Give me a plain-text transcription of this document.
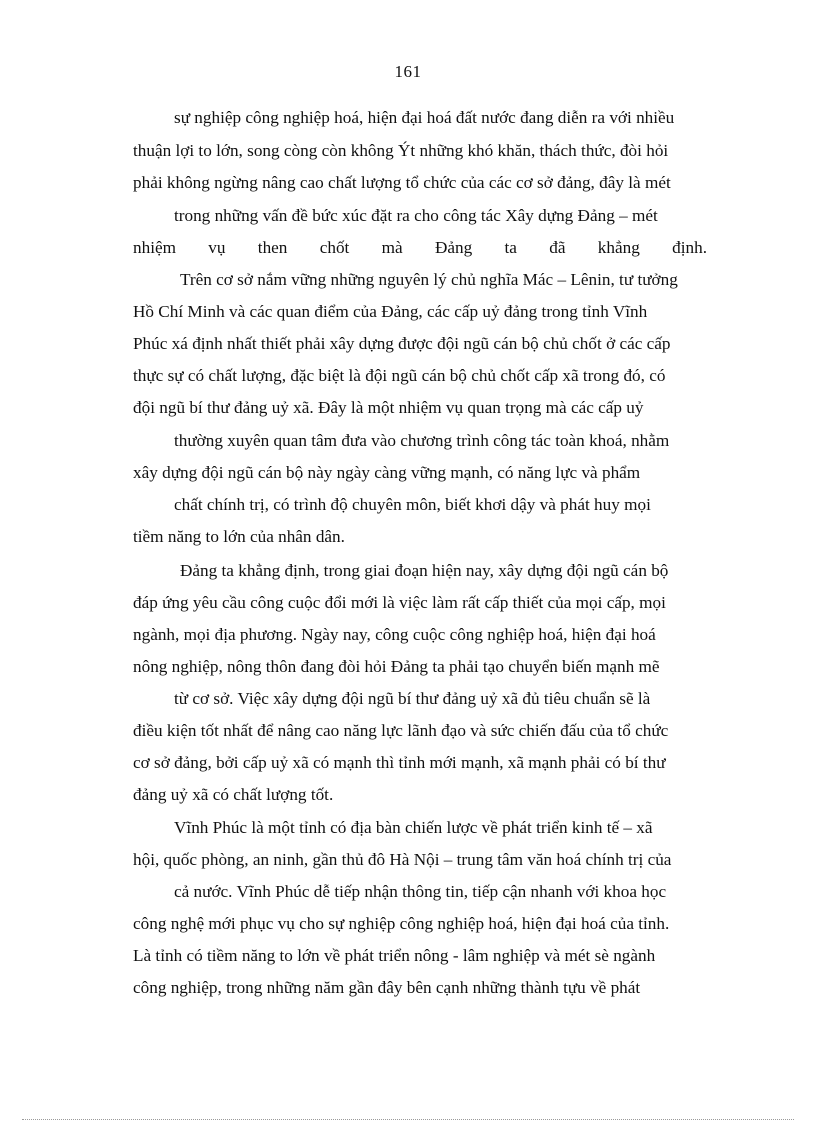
161
sự nghiệp công nghiệp hoá, hiện đại hoá đất nước đang diễn ra với nhiều
thuận lợi to lớn, song còng còn không Ýt những khó khăn, thách thức, đòi hỏi
phải không ngừng nâng cao chất lượng tổ chức của các cơ sở đảng, đây là mét
trong những vấn đề bức xúc đặt ra cho công tác Xây dựng Đảng – mét
nhiệm vụ then chốt mà Đảng ta đã khẳng định.
Trên cơ sở nắm vững những nguyên lý chủ nghĩa Mác – Lênin, tư tưởng
Hồ Chí Minh và các quan điểm của Đảng, các cấp uỷ đảng trong tỉnh Vĩnh
Phúc xá định nhất thiết phải xây dựng được đội ngũ cán bộ chủ chốt ở các cấp
thực sự có chất lượng, đặc biệt là đội ngũ cán bộ chủ chốt cấp xã trong đó, có
đội ngũ bí thư đảng uỷ xã. Đây là một nhiệm vụ quan trọng mà các cấp uỷ
thường xuyên quan tâm đưa vào chương trình công tác toàn khoá, nhằm
xây dựng đội ngũ cán bộ này ngày càng vững mạnh, có năng lực và phẩm
chất chính trị, có trình độ chuyên môn, biết khơi dậy và phát huy mọi
tiềm năng to lớn của nhân dân.
Đảng ta khẳng định, trong giai đoạn hiện nay, xây dựng đội ngũ cán bộ
đáp ứng yêu cầu công cuộc đổi mới là việc làm rất cấp thiết của mọi cấp, mọi
ngành, mọi địa phương. Ngày nay, công cuộc công nghiệp hoá, hiện đại hoá
nông nghiệp, nông thôn đang đòi hỏi Đảng ta phải tạo chuyển biến mạnh mẽ
từ cơ sở. Việc xây dựng đội ngũ bí thư đảng uỷ xã đủ tiêu chuẩn sẽ là
điều kiện tốt nhất để nâng cao năng lực lãnh đạo và sức chiến đấu của tổ chức
cơ sở đảng, bởi cấp uỷ xã có mạnh thì tỉnh mới mạnh, xã mạnh phải có bí thư
đảng uỷ xã có chất lượng tốt.
Vĩnh Phúc là một tỉnh có địa bàn chiến lược về phát triển kinh tế – xã
hội, quốc phòng, an ninh, gần thủ đô Hà Nội – trung tâm văn hoá chính trị của
cả nước. Vĩnh Phúc dễ tiếp nhận thông tin, tiếp cận nhanh với khoa học
công nghệ mới phục vụ cho sự nghiệp công nghiệp hoá, hiện đại hoá của tỉnh.
Là tỉnh có tiềm năng to lớn về phát triển nông - lâm nghiệp và mét sè ngành
công nghiệp, trong những năm gần đây bên cạnh những thành tựu về phát
